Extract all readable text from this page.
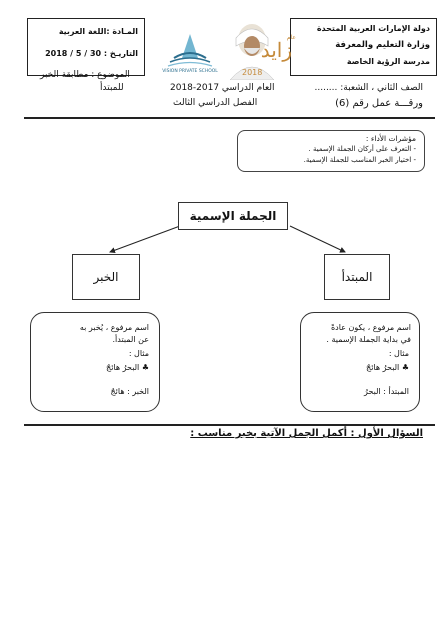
دولة الإمارات العربية المتحدة
وزارة التعليم والمعرفة
مدرسة الرؤية الخاصة
المـادة :اللغة العربية
التاريـخ : 30 / 5 / 2018
VISION PRIVATE SCHOOL
زايد
عام
2018
الصف الثاني ، الشعبة: ........
ورقـــة عمل رقم (6)
العام الدراسي 2017-2018
الفصل الدراسي الثالث
الموضوع : مطابقة الخبر
للمبتدأ
مؤشرات الأداء :
- التعرف على أركان الجملة الإسمية .
- اختيار الخبر المناسب للجملة الإسمية.
الجملة الإسمية
الخبر	المبتدأ
اسم مرفوع ، يُخبر به
عن المبتدأ.
مثال :
♣ البحرُ هائجٌ
الخبر : هائجٌ
اسم مرفوع ، يكون عادةً
في بداية الجملة الإسمية .
مثال :
♣ البحرُ هائجٌ
المبتدأ : البحرُ
السؤال الأول : أكمل الجمل الآتية بخبر مناسب :
